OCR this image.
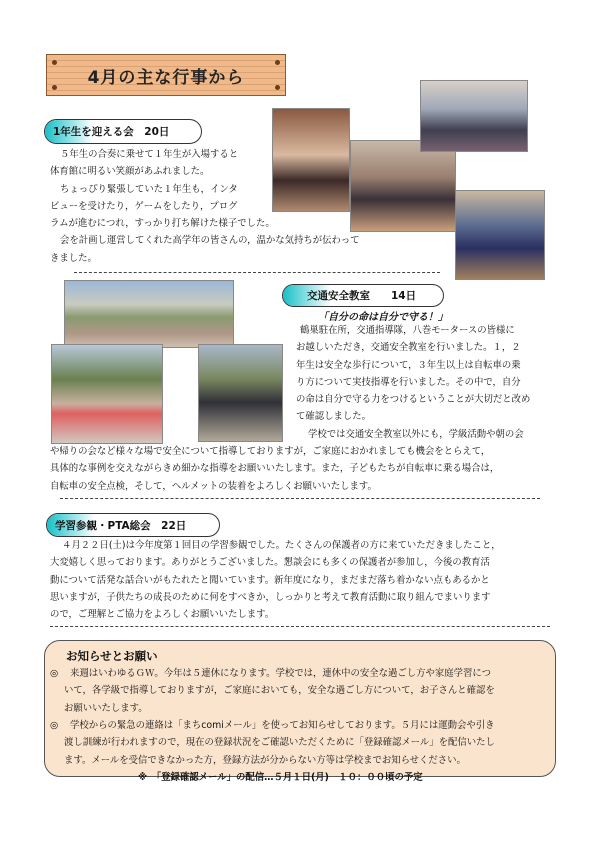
4月の主な行事から
1年生を迎える会　20日
５年生の合奏に乗せて１年生が入場すると
体育館に明るい笑顔があふれました。
ちょっぴり緊張していた１年生も，インタ
ビューを受けたり，ゲームをしたり，プログ
ラムが進むにつれ，すっかり打ち解けた様子でした。
会を計画し運営してくれた高学年の皆さんの，温かな気持ちが伝わって
きました。
交通安全教室　　14日
「自分の命は自分で守る！」
鶴巣駐在所，交通指導隊，八巻モータースの皆様に
お越しいただき，交通安全教室を行いました。１，２
年生は安全な歩行について，３年生以上は自転車の乗
り方について実技指導を行いました。その中で，自分
の命は自分で守る力をつけるということが大切だと改め
て確認しました。
学校では交通安全教室以外にも，学級活動や朝の会
や帰りの会など様々な場で安全について指導しておりますが，ご家庭におかれましても機会をとらえて，
具体的な事例を交えながらきめ細かな指導をお願いいたします。また，子どもたちが自転車に乗る場合は，
自転車の安全点検，そして，ヘルメットの装着をよろしくお願いいたします。
学習参観・PTA総会　22日
４月２２日(土)は今年度第１回目の学習参観でした。たくさんの保護者の方に来ていただきましたこと，
大変嬉しく思っております。ありがとうございました。懇談会にも多くの保護者が参加し，今後の教育活
動について活発な話合いがもたれたと聞いています。新年度になり，まだまだ落ち着かない点もあるかと
思いますが，子供たちの成長のために何をすべきか，しっかりと考えて教育活動に取り組んでまいります
ので，ご理解とご協力をよろしくお願いいたします。
お知らせとお願い
◎	来週はいわゆるＧＷ。今年は５連休になります。学校では，連休中の安全な過ごし方や家庭学習につ
いて，各学級で指導しておりますが，ご家庭においても，安全な過ごし方について，お子さんと確認を
お願いいたします。
◎	学校からの緊急の連絡は「まちcomiメール」を使ってお知らせしております。５月には運動会や引き
渡し訓練が行われますので，現在の登録状況をご確認いただくために「登録確認メール」を配信いたし
ます。メールを受信できなかった方，登録方法が分からない方等は学校までお知らせください。
※　「登録確認メール」の配信…５月１日(月)　１０：００頃の予定
